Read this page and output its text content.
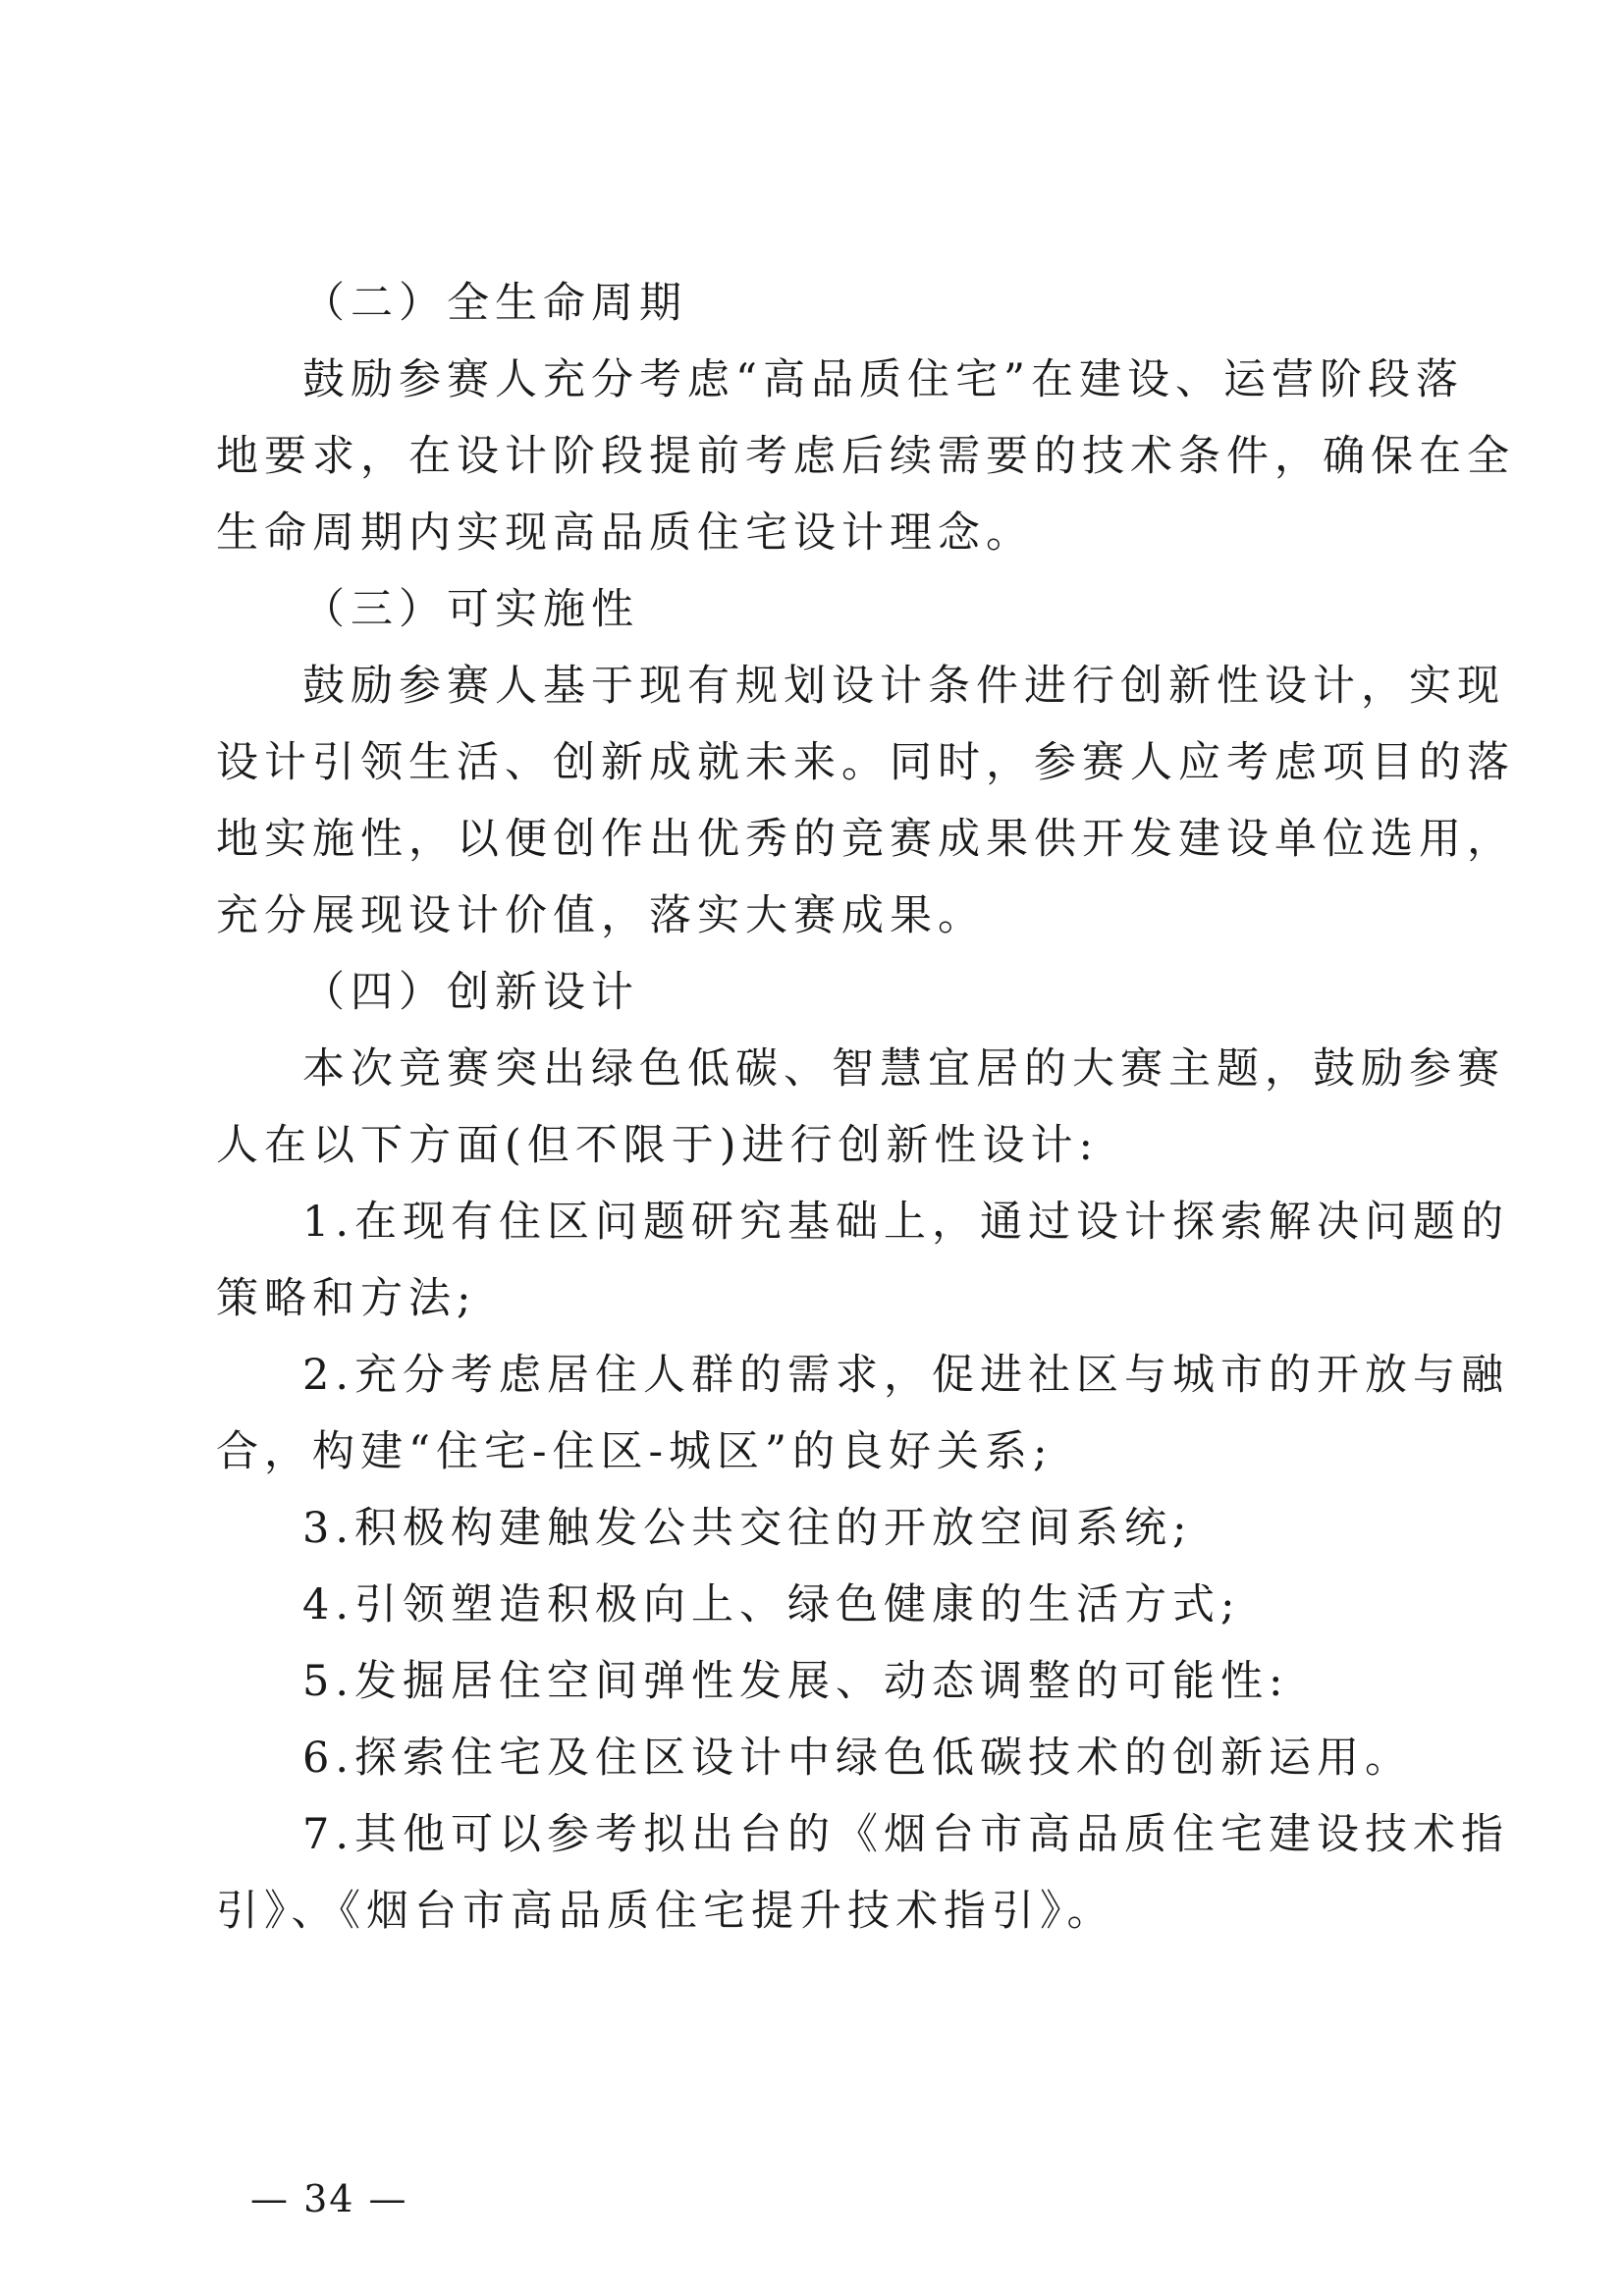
（二）全生命周期

鼓励参赛人充分考虑“高品质住宅”在建设、运营阶段落

地要求，在设计阶段提前考虑后续需要的技术条件，确保在全

生命周期内实现高品质住宅设计理念。

（三）可实施性

鼓励参赛人基于现有规划设计条件进行创新性设计，实现

设计引领生活、创新成就未来。同时，参赛人应考虑项目的落

地实施性，以便创作出优秀的竞赛成果供开发建设单位选用，

充分展现设计价值，落实大赛成果。

（四）创新设计

本次竞赛突出绿色低碳、智慧宜居的大赛主题，鼓励参赛

人在以下方面(但不限于)进行创新性设计:

1.在现有住区问题研究基础上，通过设计探索解决问题的

策略和方法;

2.充分考虑居住人群的需求，促进社区与城市的开放与融

合，构建“住宅-住区-城区”的良好关系;

3.积极构建触发公共交往的开放空间系统;

4.引领塑造积极向上、绿色健康的生活方式;

5.发掘居住空间弹性发展、动态调整的可能性:

6.探索住宅及住区设计中绿色低碳技术的创新运用。

7.其他可以参考拟出台的《烟台市高品质住宅建设技术指

引》、《烟台市高品质住宅提升技术指引》。

— 34 —
